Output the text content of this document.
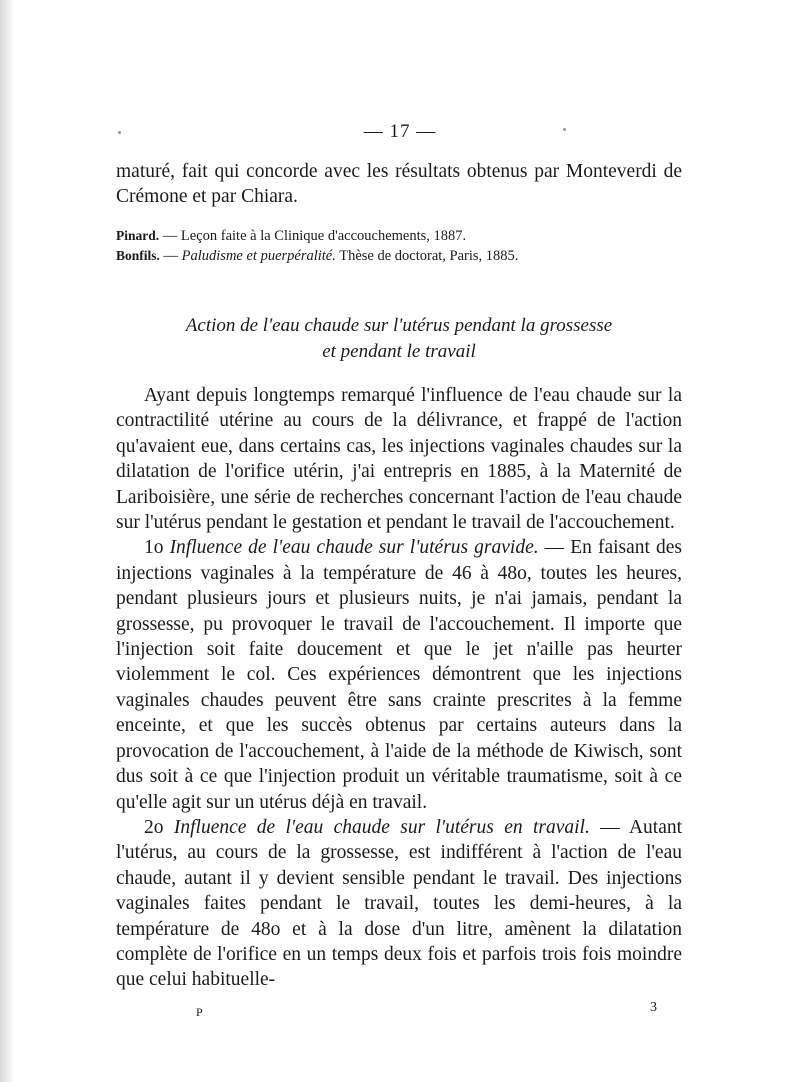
— 17 —

maturé, fait qui concorde avec les résultats obtenus par Monteverdi de Crémone et par Chiara.

Pinard. — Leçon faite à la Clinique d'accouchements, 1887.

Bonfils. — Paludisme et puerpéralité. Thèse de doctorat, Paris, 1885.

Action de l'eau chaude sur l'utérus pendant la grossesse

et pendant le travail

Ayant depuis longtemps remarqué l'influence de l'eau chaude sur la contractilité utérine au cours de la délivrance, et frappé de l'action qu'avaient eue, dans certains cas, les injections vaginales chaudes sur la dilatation de l'orifice utérin, j'ai entrepris en 1885, à la Maternité de Lariboisière, une série de recherches concernant l'action de l'eau chaude sur l'utérus pendant le gestation et pendant le travail de l'accouchement.

1o Influence de l'eau chaude sur l'utérus gravide. — En faisant des injections vaginales à la température de 46 à 48o, toutes les heures, pendant plusieurs jours et plusieurs nuits, je n'ai jamais, pendant la grossesse, pu provoquer le travail de l'accouchement. Il importe que l'injection soit faite doucement et que le jet n'aille pas heurter violemment le col. Ces expériences démontrent que les injections vaginales chaudes peuvent être sans crainte prescrites à la femme enceinte, et que les succès obtenus par certains auteurs dans la provocation de l'accouchement, à l'aide de la méthode de Kiwisch, sont dus soit à ce que l'injection produit un véritable traumatisme, soit à ce qu'elle agit sur un utérus déjà en travail.

2o Influence de l'eau chaude sur l'utérus en travail. — Autant l'utérus, au cours de la grossesse, est indifférent à l'action de l'eau chaude, autant il y devient sensible pendant le travail. Des injections vaginales faites pendant le travail, toutes les demi-heures, à la température de 48o et à la dose d'un litre, amènent la dilatation complète de l'orifice en un temps deux fois et parfois trois fois moindre que celui habituelle-

P	3
